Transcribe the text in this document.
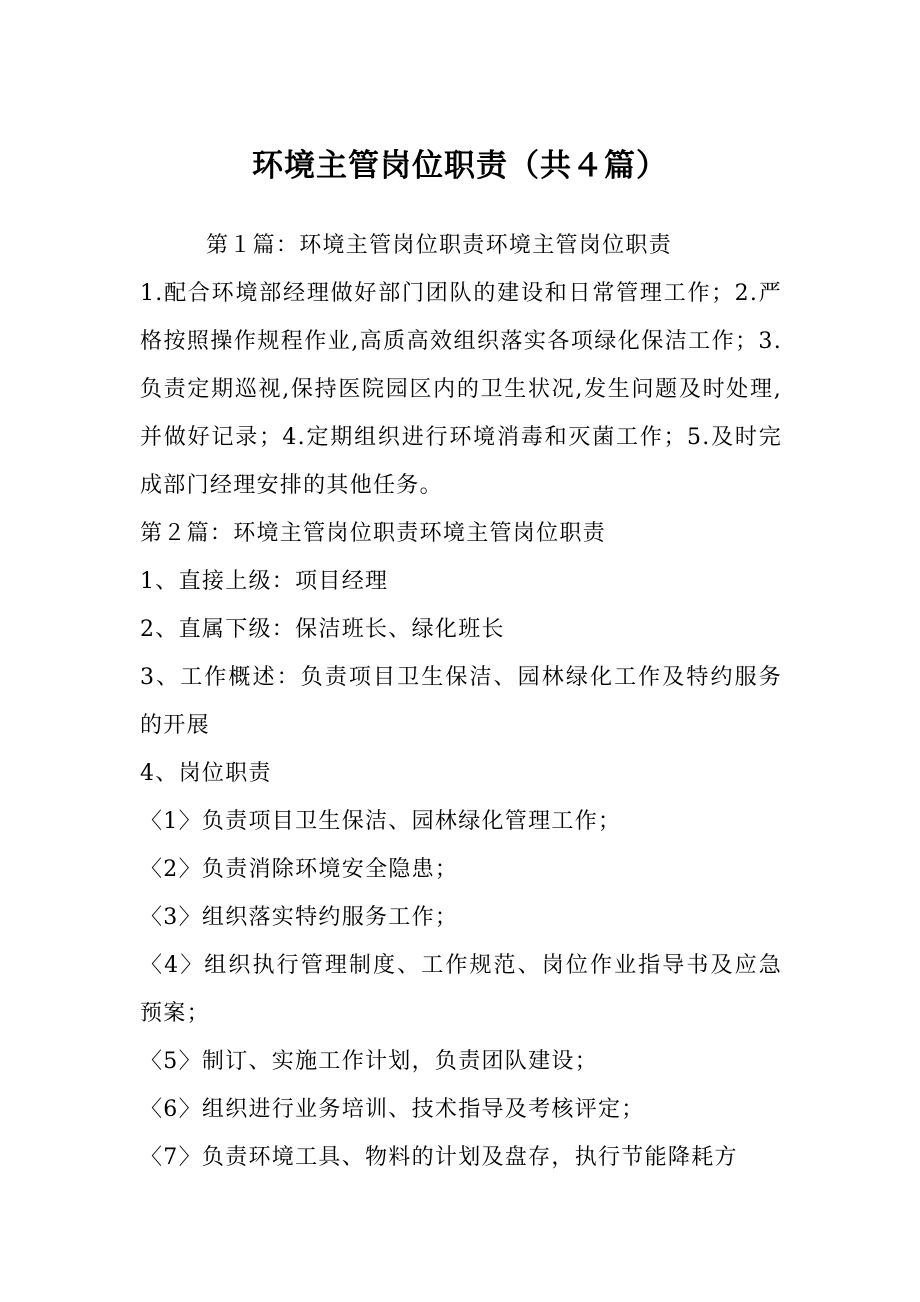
环境主管岗位职责（共４篇）

第１篇：环境主管岗位职责环境主管岗位职责

1.配合环境部经理做好部门团队的建设和日常管理工作；2.严格按照操作规程作业,高质高效组织落实各项绿化保洁工作；3.负责定期巡视,保持医院园区内的卫生状况,发生问题及时处理,并做好记录；4.定期组织进行环境消毒和灭菌工作；5.及时完成部门经理安排的其他任务。

第２篇：环境主管岗位职责环境主管岗位职责

1、直接上级：项目经理

2、直属下级：保洁班长、绿化班长

3、工作概述：负责项目卫生保洁、园林绿化工作及特约服务的开展

4、岗位职责

〈1〉负责项目卫生保洁、园林绿化管理工作；

〈2〉负责消除环境安全隐患；

〈3〉组织落实特约服务工作；

〈4〉组织执行管理制度、工作规范、岗位作业指导书及应急预案；

〈5〉制订、实施工作计划，负责团队建设；

〈6〉组织进行业务培训、技术指导及考核评定；

〈7〉负责环境工具、物料的计划及盘存，执行节能降耗方
